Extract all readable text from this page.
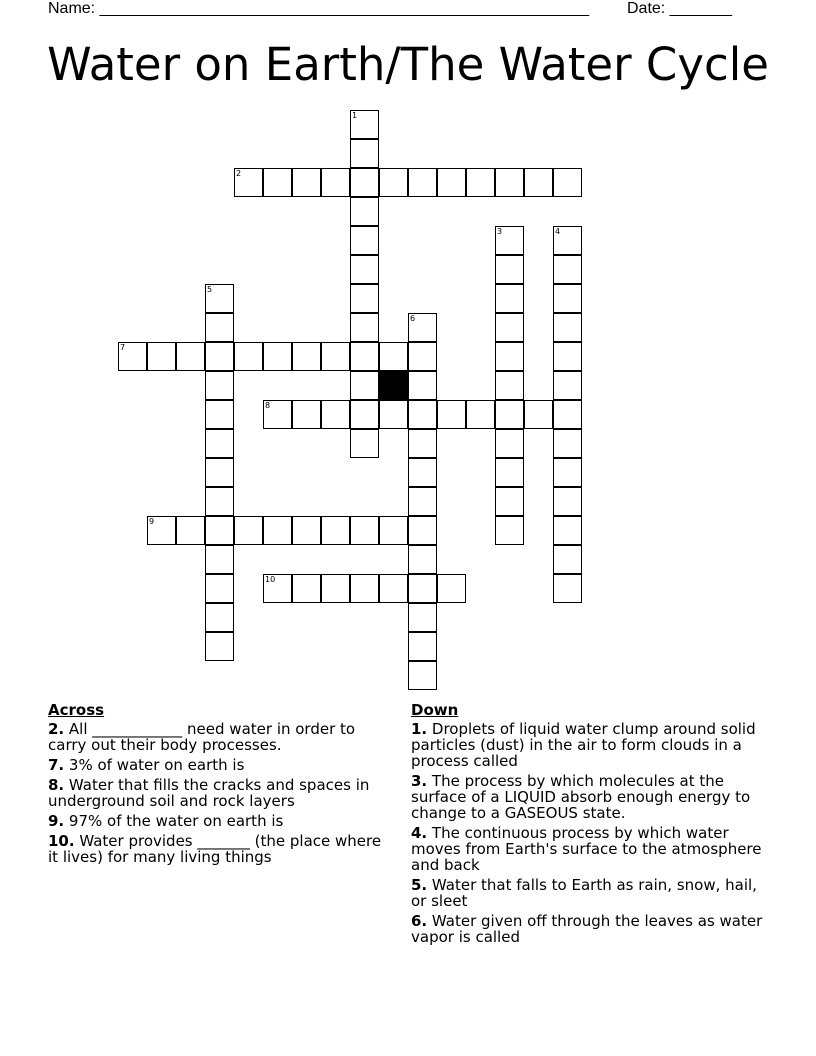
Name: _______________________________________________________ Date: _______
Water on Earth/The Water Cycle
1
2
3	4
5
6
7
8
9
10
Across
2. All ____________ need water in order to carry out their body processes.
7. 3% of water on earth is
8. Water that fills the cracks and spaces in underground soil and rock layers
9. 97% of the water on earth is
10. Water provides _______ (the place where it lives) for many living things
Down
1. Droplets of liquid water clump around solid particles (dust) in the air to form clouds in a process called
3. The process by which molecules at the surface of a LIQUID absorb enough energy to change to a GASEOUS state.
4. The continuous process by which water moves from Earth's surface to the atmosphere and back
5. Water that falls to Earth as rain, snow, hail, or sleet
6. Water given off through the leaves as water vapor is called
